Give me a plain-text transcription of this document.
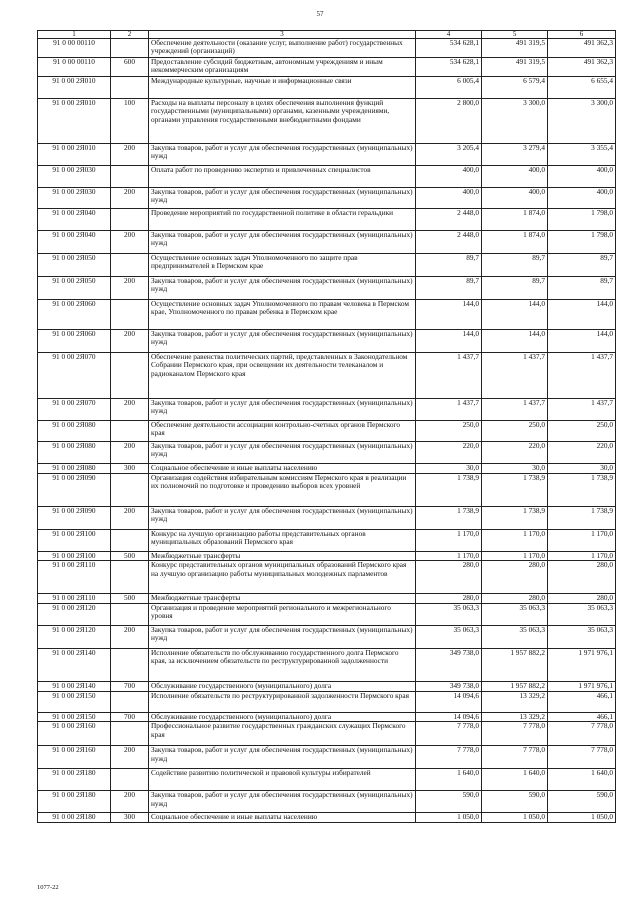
57
1	2	3	4	5	6
91 0 00 00110		Обеспечение деятельности (оказание услуг, выполнение работ) государственных учреждений (организаций)	534 628,1	491 319,5	491 362,3
91 0 00 00110	600	Предоставление субсидий бюджетным, автономным учреждениям и иным некоммерческим организациям	534 628,1	491 319,5	491 362,3
91 0 00 2Я010		Международные культурные, научные и информационные связи	6 005,4	6 579,4	6 655,4
91 0 00 2Я010	100	Расходы на выплаты персоналу в целях обеспечения выполнения функций государственными (муниципальными) органами, казенными учреждениями, органами управления государственными внебюджетными фондами	2 800,0	3 300,0	3 300,0
91 0 00 2Я010	200	Закупка товаров, работ и услуг для обеспечения государственных (муниципальных) нужд	3 205,4	3 279,4	3 355,4
91 0 00 2Я030		Оплата работ по проведению экспертиз и привлеченных специалистов	400,0	400,0	400,0
91 0 00 2Я030	200	Закупка товаров, работ и услуг для обеспечения государственных (муниципальных) нужд	400,0	400,0	400,0
91 0 00 2Я040		Проведение мероприятий по государственной политике в области геральдики	2 448,0	1 874,0	1 798,0
91 0 00 2Я040	200	Закупка товаров, работ и услуг для обеспечения государственных (муниципальных) нужд	2 448,0	1 874,0	1 798,0
91 0 00 2Я050		Осуществление основных задач Уполномоченного по защите прав предпринимателей в Пермском крае	89,7	89,7	89,7
91 0 00 2Я050	200	Закупка товаров, работ и услуг для обеспечения государственных (муниципальных) нужд	89,7	89,7	89,7
91 0 00 2Я060		Осуществление основных задач Уполномоченного по правам человека в Пермском крае, Уполномоченного по правам ребенка в Пермском крае	144,0	144,0	144,0
91 0 00 2Я060	200	Закупка товаров, работ и услуг для обеспечения государственных (муниципальных) нужд	144,0	144,0	144,0
91 0 00 2Я070		Обеспечение равенства политических партий, представленных в Законодательном Собрании Пермского края, при освещении их деятельности телеканалом и радиоканалом Пермского края	1 437,7	1 437,7	1 437,7
91 0 00 2Я070	200	Закупка товаров, работ и услуг для обеспечения государственных (муниципальных) нужд	1 437,7	1 437,7	1 437,7
91 0 00 2Я080		Обеспечение деятельности ассоциации контрольно-счетных органов Пермского края	250,0	250,0	250,0
91 0 00 2Я080	200	Закупка товаров, работ и услуг для обеспечения государственных (муниципальных) нужд	220,0	220,0	220,0
91 0 00 2Я080	300	Социальное обеспечение и иные выплаты населению	30,0	30,0	30,0
91 0 00 2Я090		Организация содействия избирательным комиссиям Пермского края в реализации их полномочий по подготовке и проведению выборов всех уровней	1 738,9	1 738,9	1 738,9
91 0 00 2Я090	200	Закупка товаров, работ и услуг для обеспечения государственных (муниципальных) нужд	1 738,9	1 738,9	1 738,9
91 0 00 2Я100		Конкурс на лучшую организацию работы представительных органов муниципальных образований Пермского края	1 170,0	1 170,0	1 170,0
91 0 00 2Я100	500	Межбюджетные трансферты	1 170,0	1 170,0	1 170,0
91 0 00 2Я110		Конкурс представительных органов муниципальных образований Пермского края на лучшую организацию работы муниципальных молодежных парламентов	280,0	280,0	280,0
91 0 00 2Я110	500	Межбюджетные трансферты	280,0	280,0	280,0
91 0 00 2Я120		Организация и проведение мероприятий регионального и межрегионального уровня	35 063,3	35 063,3	35 063,3
91 0 00 2Я120	200	Закупка товаров, работ и услуг для обеспечения государственных (муниципальных) нужд	35 063,3	35 063,3	35 063,3
91 0 00 2Я140		Исполнение обязательств по обслуживанию государственного долга Пермского края, за исключением обязательств по реструктурированной задолженности	349 738,0	1 957 882,2	1 971 976,1
91 0 00 2Я140	700	Обслуживание государственного (муниципального) долга	349 738,0	1 957 882,2	1 971 976,1
91 0 00 2Я150		Исполнение обязательств по реструктурированной задолженности Пермского края	14 094,6	13 329,2	466,1
91 0 00 2Я150	700	Обслуживание государственного (муниципального) долга	14 094,6	13 329,2	466,1
91 0 00 2Я160		Профессиональное развитие государственных гражданских служащих Пермского края	7 778,0	7 778,0	7 778,0
91 0 00 2Я160	200	Закупка товаров, работ и услуг для обеспечения государственных (муниципальных) нужд	7 778,0	7 778,0	7 778,0
91 0 00 2Я180		Содействие развитию политической и правовой культуры избирателей	1 640,0	1 640,0	1 640,0
91 0 00 2Я180	200	Закупка товаров, работ и услуг для обеспечения государственных (муниципальных) нужд	590,0	590,0	590,0
91 0 00 2Я180	300	Социальное обеспечение и иные выплаты населению	1 050,0	1 050,0	1 050,0
1077-22
